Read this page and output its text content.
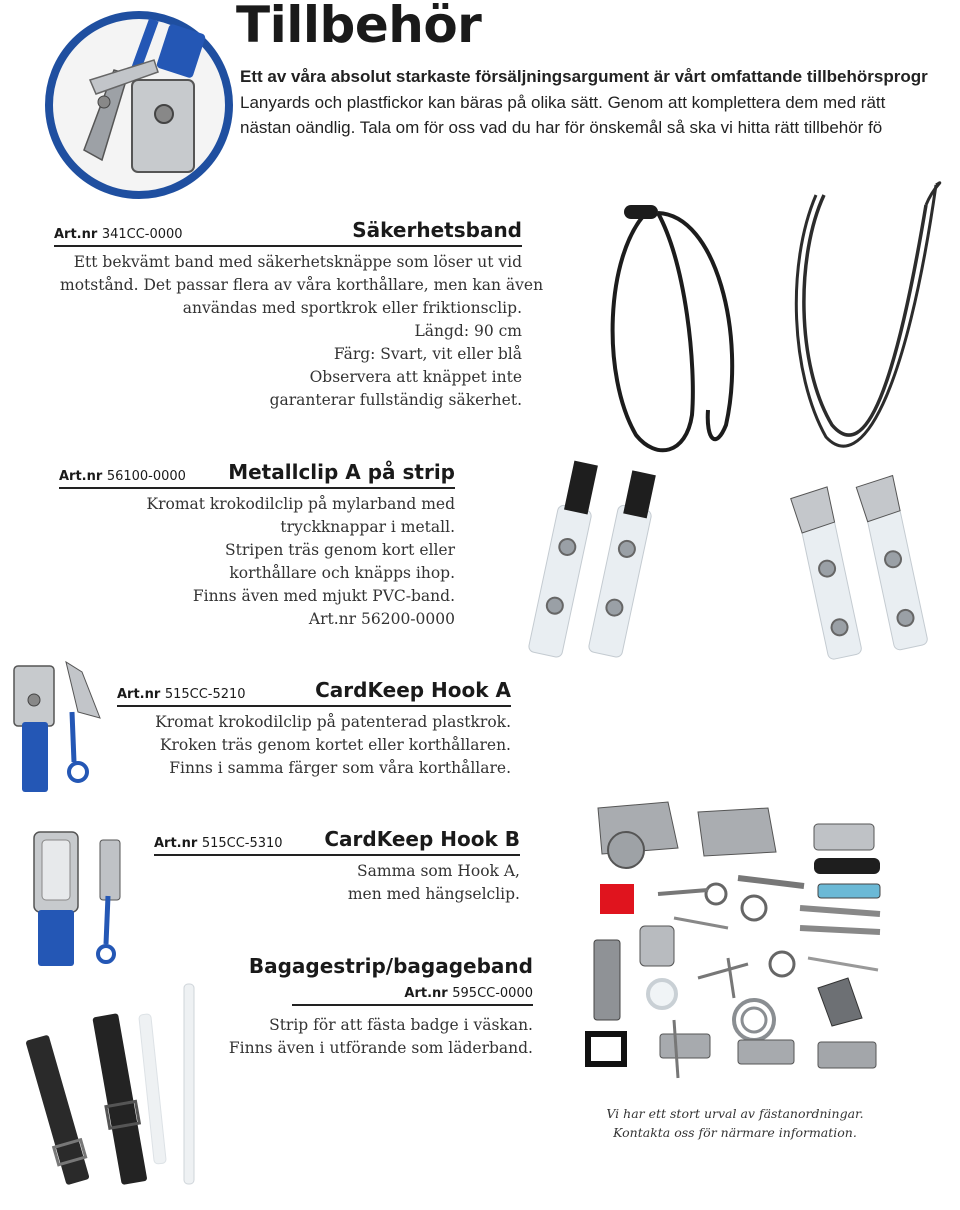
Tillbehör
Ett av våra absolut starkaste försäljningsargument är vårt omfattande tillbehörsprogr
Lanyards och plastfickor kan bäras på olika sätt. Genom att komplettera dem med rätt
nästan oändlig. Tala om för oss vad du har för önskemål så ska vi hitta rätt tillbehör fö
Art.nr 341CC-0000	Säkerhetsband
Ett bekvämt band med säkerhetsknäppe som löser ut vid
motstånd. Det passar flera av våra korthållare, men kan även
användas med sportkrok eller friktionsclip.
Längd: 90 cm
Färg: Svart, vit eller blå
Observera att knäppet inte
garanterar fullständig säkerhet.
Art.nr 56100-0000 Metallclip A på strip
Kromat krokodilclip på mylarband med
tryckknappar i metall.
Stripen träs genom kort eller
korthållare och knäpps ihop.
Finns även med mjukt PVC-band.
Art.nr 56200-0000
Art.nr 515CC-5210	CardKeep Hook A
Kromat krokodilclip på patenterad plastkrok.
Kroken träs genom kortet eller korthållaren.
Finns i samma färger som våra korthållare.
Art.nr 515CC-5310 CardKeep Hook B
Samma som Hook A,
men med hängselclip.
Bagagestrip/bagageband
Art.nr 595CC-0000
Strip för att fästa badge i väskan.
Finns även i utförande som läderband.
Vi har ett stort urval av fästanordningar.
Kontakta oss för närmare information.
